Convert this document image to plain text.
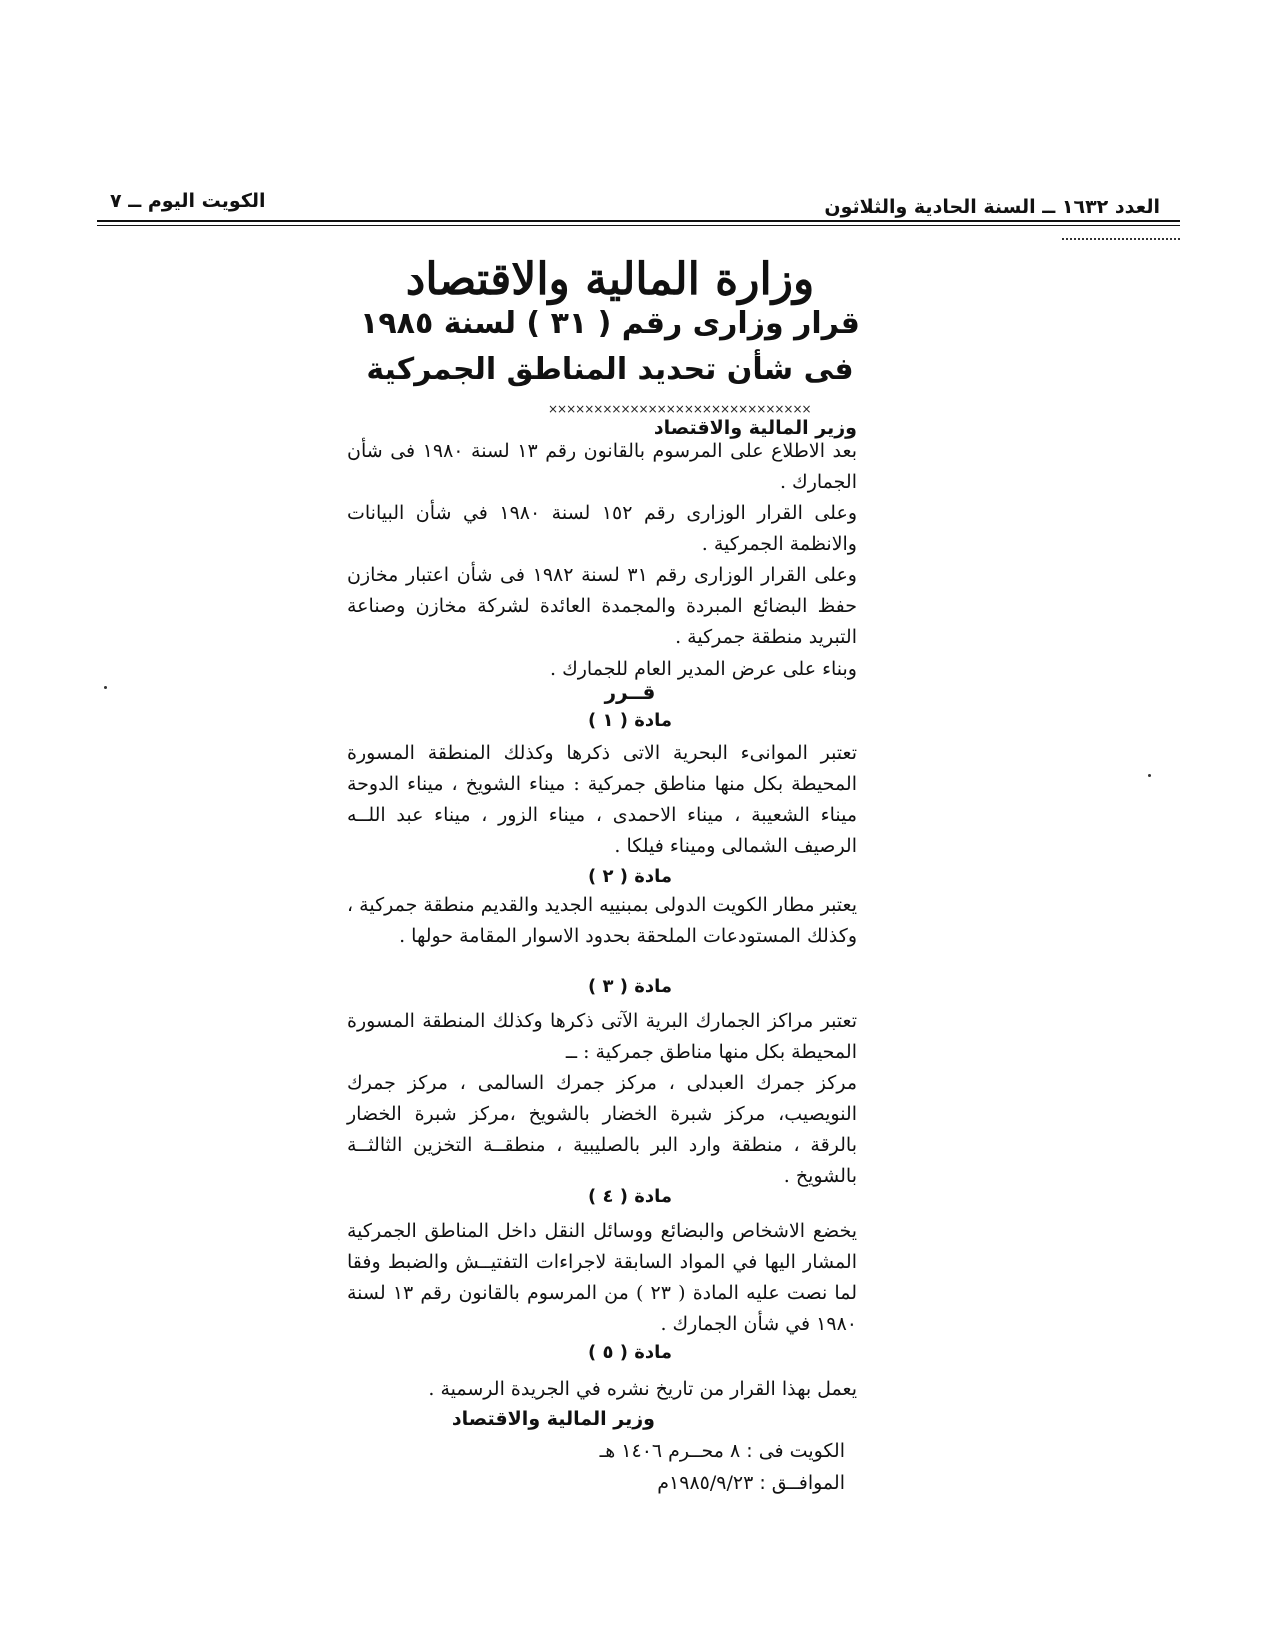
الكويت اليوم ــ ٧	العدد ١٦٣٢ ــ السنة الحادية والثلاثون
وزارة المالية والاقتصاد
قرار وزارى رقم ( ٣١ ) لسنة ١٩٨٥
فى شأن تحديد المناطق الجمركية
×××××××××××××××××××××××××××××
وزير المالية والاقتصاد

بعد الاطلاع على المرسوم بالقانون رقم ١٣ لسنة ١٩٨٠ فى شأن الجمارك .

وعلى القرار الوزارى رقم ١٥٢ لسنة ١٩٨٠ في شأن البيانات والانظمة الجمركية .

وعلى القرار الوزارى رقم ٣١ لسنة ١٩٨٢ فى شأن اعتبار مخازن حفظ البضائع المبردة والمجمدة العائدة لشركة مخازن وصناعة التبريد منطقة جمركية .

وبناء على عرض المدير العام للجمارك .

قــرر
مادة ( ١ )

تعتبر الموانىء البحرية الاتى ذكرها وكذلك المنطقة المسورة المحيطة بكل منها مناطق جمركية : ميناء الشويخ ، ميناء الدوحة ميناء الشعيبة ، ميناء الاحمدى ، ميناء الزور ، ميناء عبد اللــه الرصيف الشمالى وميناء فيلكا .

مادة ( ٢ )

يعتبر مطار الكويت الدولى بمبنييه الجديد والقديم منطقة جمركية ، وكذلك المستودعات الملحقة بحدود الاسوار المقامة حولها .

مادة ( ٣ )

تعتبر مراكز الجمارك البرية الآتى ذكرها وكذلك المنطقة المسورة المحيطة بكل منها مناطق جمركية : ــ

مركز جمرك العبدلى ، مركز جمرك السالمى ، مركز جمرك النويصيب، مركز شبرة الخضار بالشويخ ،مركز شبرة الخضار بالرقة ، منطقة وارد البر بالصليبية ، منطقــة التخزين الثالثــة بالشويخ .

مادة ( ٤ )

يخضع الاشخاص والبضائع ووسائل النقل داخل المناطق الجمركية المشار اليها في المواد السابقة لاجراءات التفتيــش والضبط وفقا لما نصت عليه المادة ( ٢٣ ) من المرسوم بالقانون رقم ١٣ لسنة ١٩٨٠ في شأن الجمارك .

مادة ( ٥ )

يعمل بهذا القرار من تاريخ نشره في الجريدة الرسمية .

وزير المالية والاقتصاد
الكويت فى : ٨ محــرم ١٤٠٦ هـ
الموافــق : ١٩٨٥/٩/٢٣م
